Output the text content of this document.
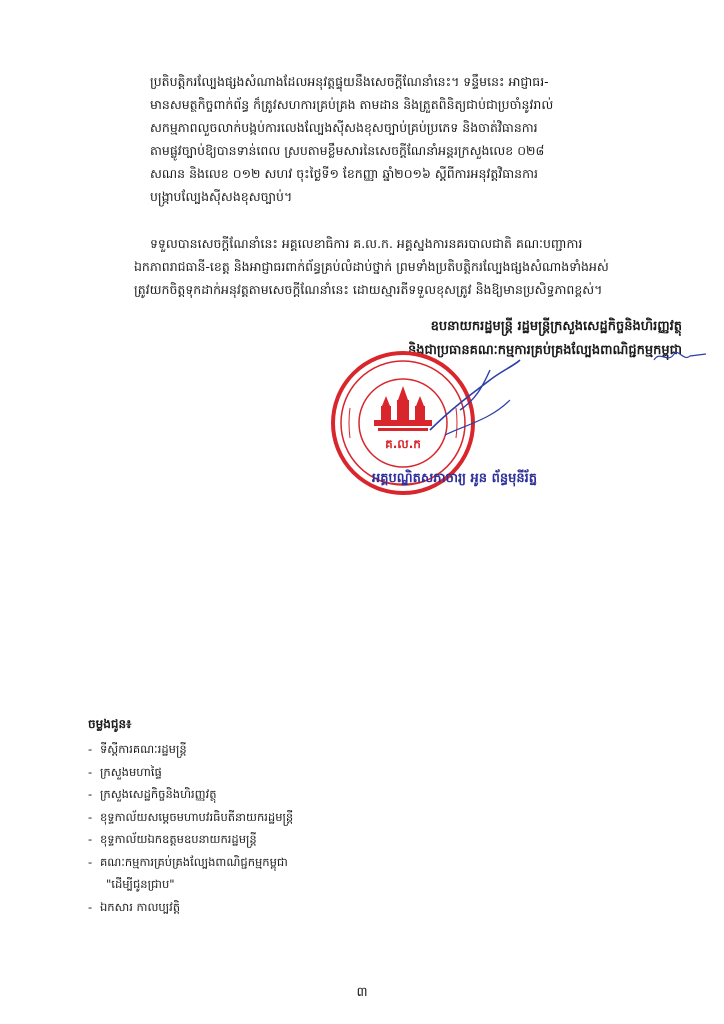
ប្រតិបត្តិករល្បែងផ្សងសំណាងដែលអនុវត្តផ្ទុយនឹងសេចក្តីណែនាំនេះ។ ទន្ទឹមនេះ អាជ្ញាធរ-

មានសមត្ថកិច្ចពាក់ព័ន្ធ ក៏ត្រូវសហការគ្រប់គ្រង តាមដាន និងត្រួតពិនិត្យជាប់ជាប្រចាំនូវរាល់

សកម្មភាពលួចលាក់បង្កប់ការលេងល្បែងស៊ីសងខុសច្បាប់គ្រប់ប្រភេទ និងចាត់វិធានការ

តាមផ្លូវច្បាប់ឱ្យបានទាន់ពេល ស្របតាមខ្លឹមសារនៃសេចក្តីណែនាំអន្តរក្រសួងលេខ ០២៨

សណន និងលេខ ០១២ សហវ ចុះថ្ងៃទី១ ខែកញ្ញា ឆ្នាំ២០១៦ ស្តីពីការអនុវត្តវិធានការ

បង្ក្រាបល្បែងស៊ីសងខុសច្បាប់។

ទទួលបានសេចក្តីណែនាំនេះ អគ្គលេខាធិការ គ.ល.ក. អគ្គស្នងការនគរបាលជាតិ គណៈបញ្ជាការ

ឯកភាពរាជធានី-ខេត្ត និងអាជ្ញាធរពាក់ព័ន្ធគ្រប់លំដាប់ថ្នាក់ ព្រមទាំងប្រតិបត្តិករល្បែងផ្សងសំណាងទាំងអស់

ត្រូវយកចិត្តទុកដាក់អនុវត្តតាមសេចក្តីណែនាំនេះ ដោយស្មារតីទទួលខុសត្រូវ និងឱ្យមានប្រសិទ្ធភាពខ្ពស់។

ឧបនាយករដ្ឋមន្ត្រី រដ្ឋមន្ត្រីក្រសួងសេដ្ឋកិច្ចនិងហិរញ្ញវត្ថុ
និងជាប្រធានគណៈកម្មការគ្រប់គ្រងល្បែងពាណិជ្ជកម្មកម្ពុជា
គ.ល.ក
អគ្គបណ្ឌិតសភាចារ្យ អូន ព័ន្ធមុនីរ័ត្ន
ចម្លងជូន៖
- ទីស្តីការគណៈរដ្ឋមន្ត្រី
- ក្រសួងមហាផ្ទៃ
- ក្រសួងសេដ្ឋកិច្ចនិងហិរញ្ញវត្ថុ
- ខុទ្ទកាល័យសម្តេចមហាបវរធិបតីនាយករដ្ឋមន្ត្រី
- ខុទ្ទកាល័យឯកឧត្តមឧបនាយករដ្ឋមន្ត្រី
- គណៈកម្មការគ្រប់គ្រងល្បែងពាណិជ្ជកម្មកម្ពុជា
"ដើម្បីជូនជ្រាប"
- ឯកសារ កាលប្បវត្តិ
៣
